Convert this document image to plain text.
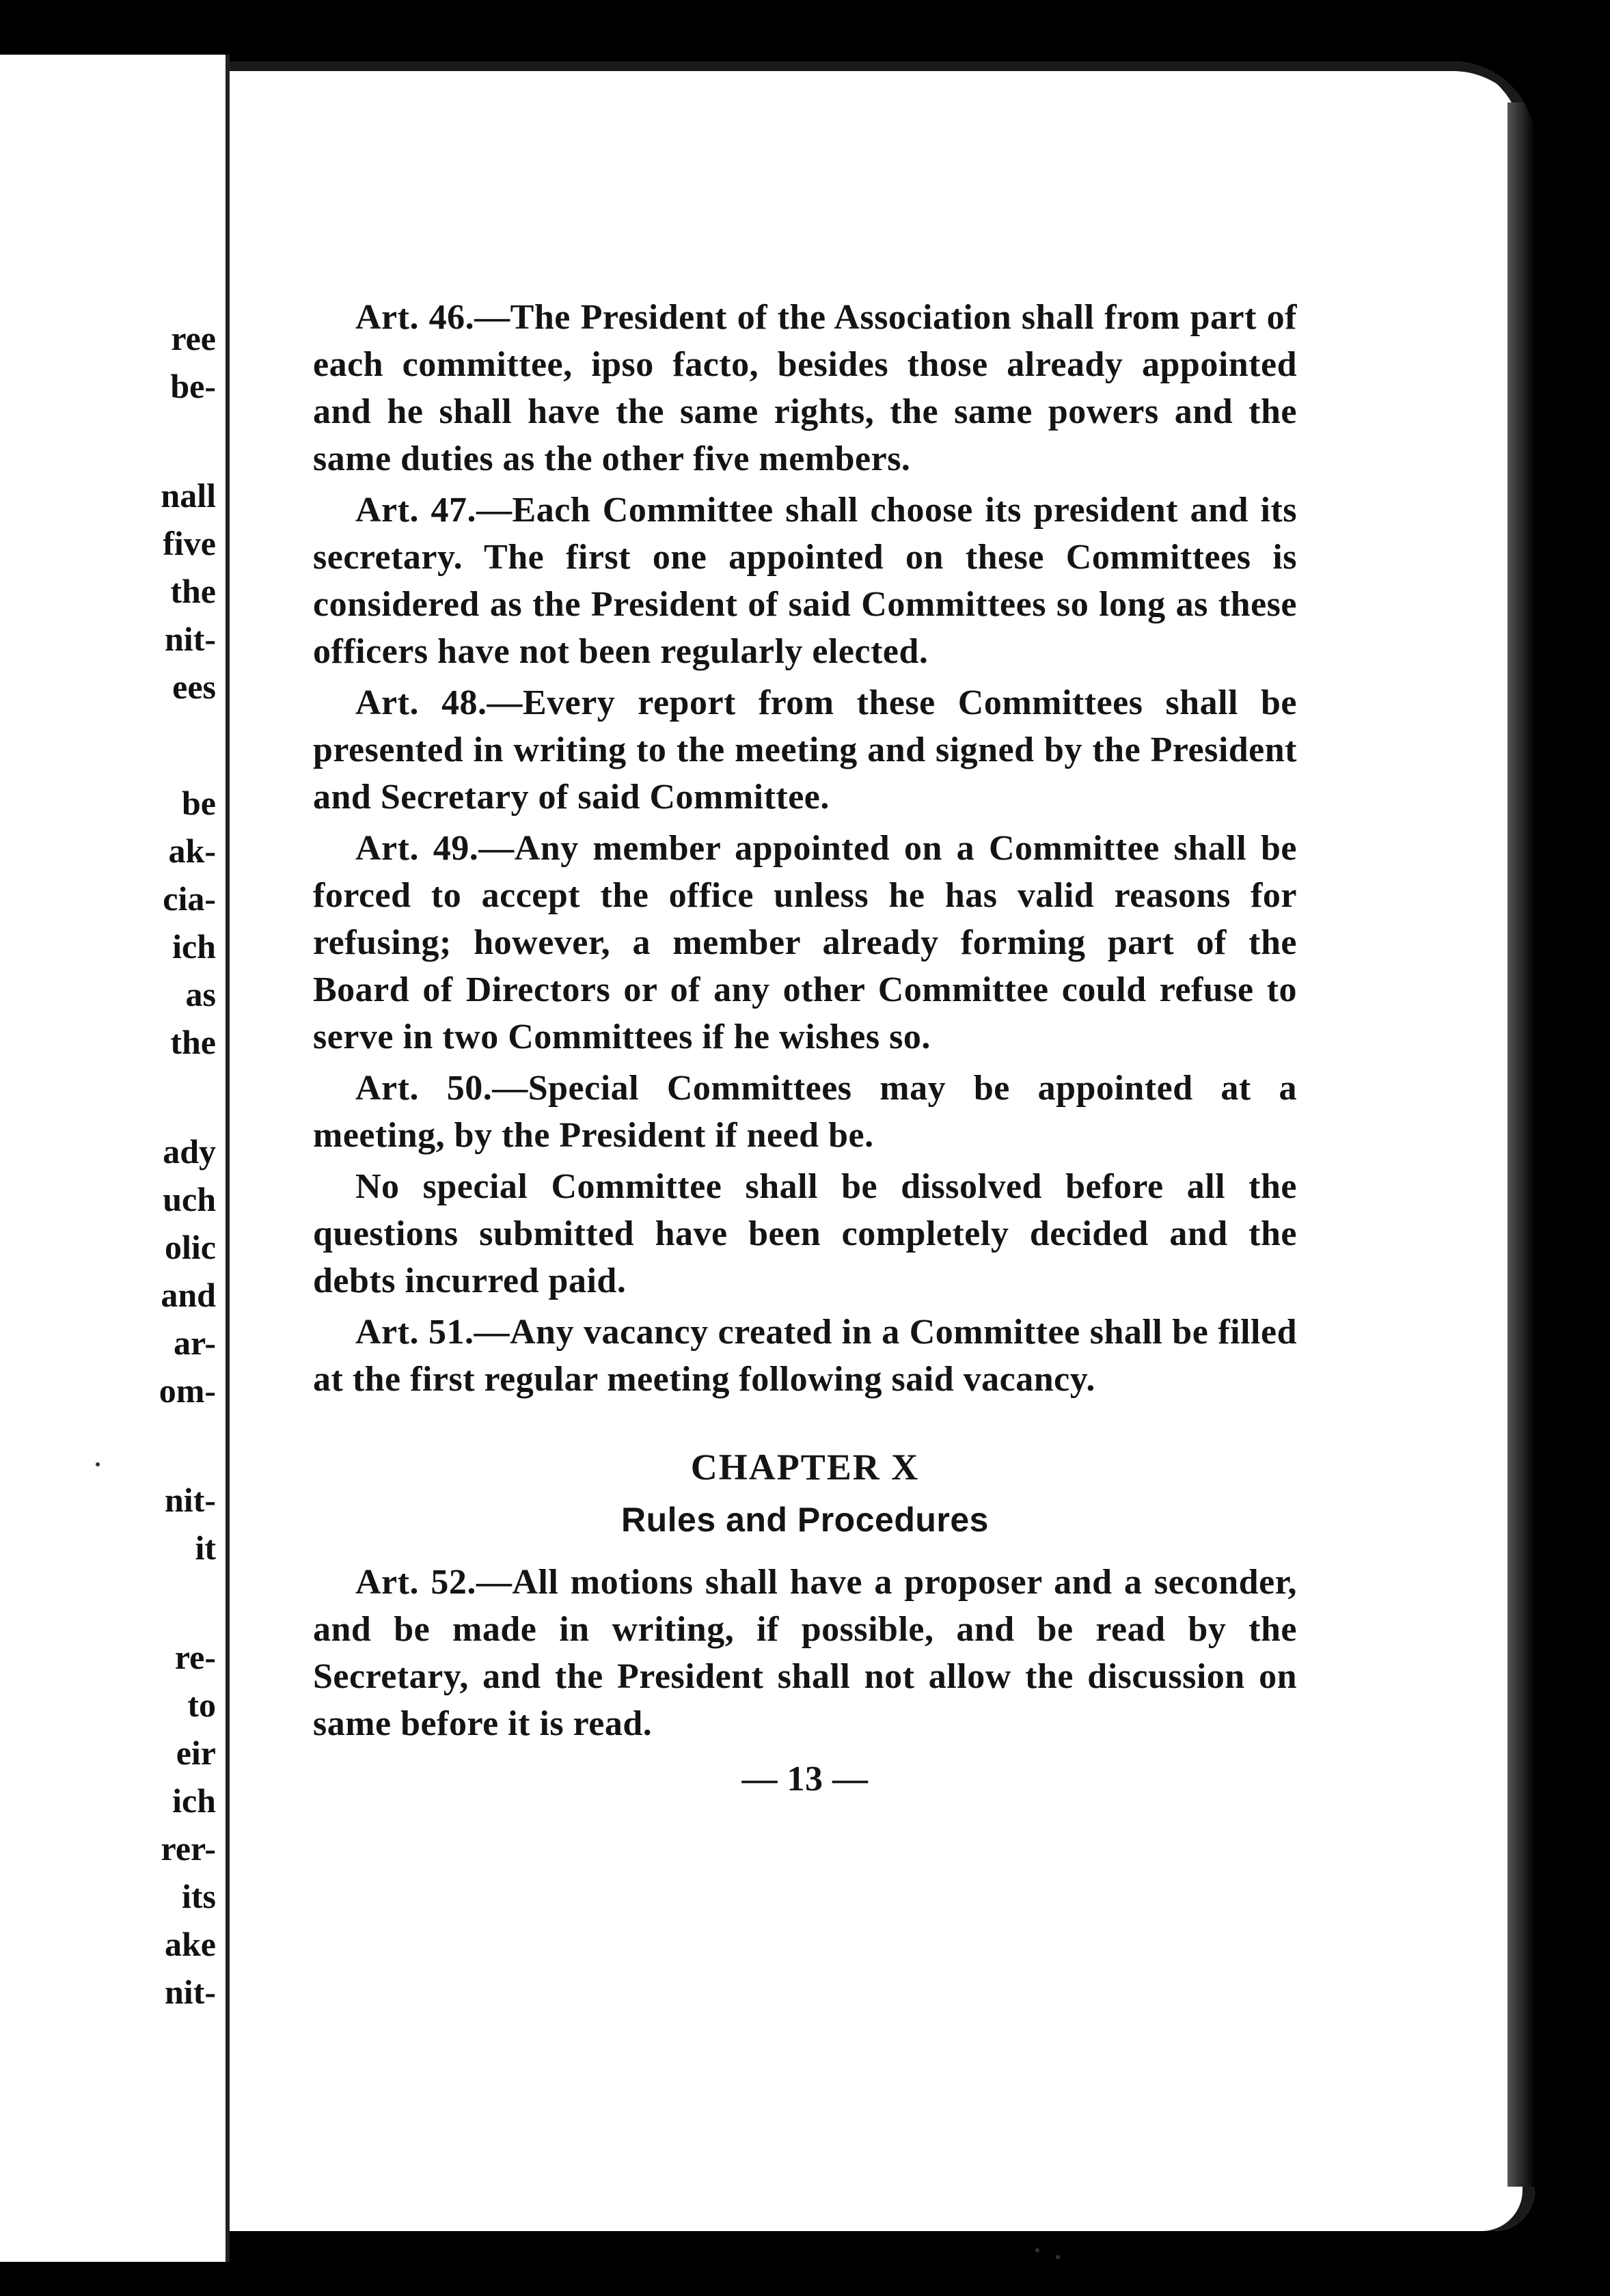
ree
be-
nall
five
the
nit-
ees
be
ak-
cia-
ich
as
the
ady
uch
olic
and
ar-
om-
nit-
it
re-
to
eir
ich
rer-
its
ake
nit-

Art. 46.—The President of the Association shall from part of each committee, ipso facto, besides those already appointed and he shall have the same rights, the same powers and the same duties as the other five members.

Art. 47.—Each Committee shall choose its president and its secretary. The first one appointed on these Committees is considered as the President of said Committees so long as these officers have not been regularly elected.

Art. 48.—Every report from these Committees shall be presented in writing to the meeting and signed by the President and Secretary of said Committee.

Art. 49.—Any member appointed on a Committee shall be forced to accept the office unless he has valid reasons for refusing; however, a member already forming part of the Board of Directors or of any other Committee could refuse to serve in two Committees if he wishes so.

Art. 50.—Special Committees may be appointed at a meeting, by the President if need be.

No special Committee shall be dissolved before all the questions submitted have been completely decided and the debts incurred paid.

Art. 51.—Any vacancy created in a Committee shall be filled at the first regular meeting following said vacancy.

CHAPTER X
Rules and Procedures

Art. 52.—All motions shall have a proposer and a seconder, and be made in writing, if possible, and be read by the Secretary, and the President shall not allow the discussion on same before it is read.

— 13 —
